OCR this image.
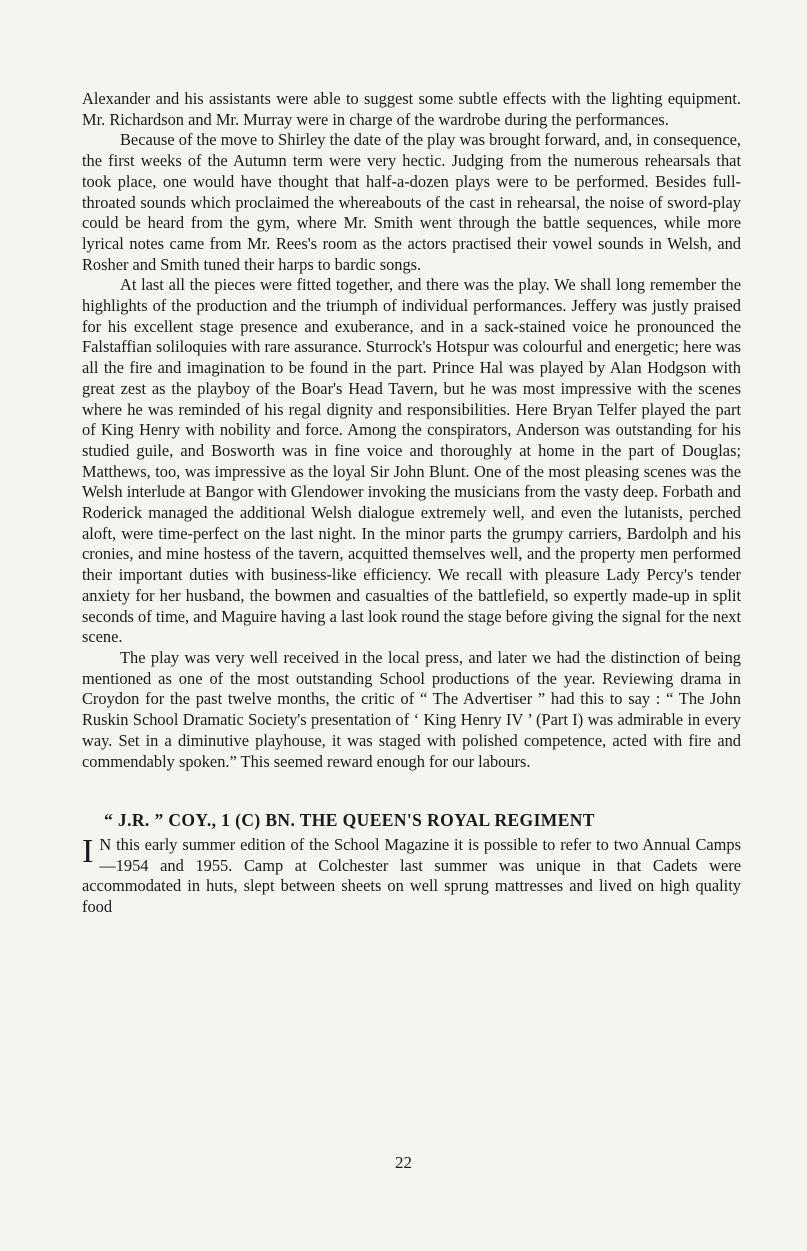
Alexander and his assistants were able to suggest some subtle effects with the lighting equipment. Mr. Richardson and Mr. Murray were in charge of the wardrobe during the performances.

Because of the move to Shirley the date of the play was brought forward, and, in consequence, the first weeks of the Autumn term were very hectic. Judging from the numerous rehearsals that took place, one would have thought that half-a-dozen plays were to be performed. Besides full-throated sounds which proclaimed the whereabouts of the cast in rehearsal, the noise of sword-play could be heard from the gym, where Mr. Smith went through the battle sequences, while more lyrical notes came from Mr. Rees's room as the actors practised their vowel sounds in Welsh, and Rosher and Smith tuned their harps to bardic songs.

At last all the pieces were fitted together, and there was the play. We shall long remember the highlights of the production and the triumph of individual performances. Jeffery was justly praised for his excellent stage presence and exuberance, and in a sack-stained voice he pronounced the Falstaffian soliloquies with rare assurance. Sturrock's Hotspur was colourful and energetic; here was all the fire and imagination to be found in the part. Prince Hal was played by Alan Hodgson with great zest as the playboy of the Boar's Head Tavern, but he was most impressive with the scenes where he was reminded of his regal dignity and responsibilities. Here Bryan Telfer played the part of King Henry with nobility and force. Among the conspirators, Anderson was outstanding for his studied guile, and Bosworth was in fine voice and thoroughly at home in the part of Douglas; Matthews, too, was impressive as the loyal Sir John Blunt. One of the most pleasing scenes was the Welsh interlude at Bangor with Glendower invoking the musicians from the vasty deep. Forbath and Roderick managed the additional Welsh dialogue extremely well, and even the lutanists, perched aloft, were time-perfect on the last night. In the minor parts the grumpy carriers, Bardolph and his cronies, and mine hostess of the tavern, acquitted themselves well, and the property men performed their important duties with business-like efficiency. We recall with pleasure Lady Percy's tender anxiety for her husband, the bowmen and casualties of the battlefield, so expertly made-up in split seconds of time, and Maguire having a last look round the stage before giving the signal for the next scene.

The play was very well received in the local press, and later we had the distinction of being mentioned as one of the most outstanding School productions of the year. Reviewing drama in Croydon for the past twelve months, the critic of “ The Advertiser ” had this to say : “ The John Ruskin School Dramatic Society's presentation of ‘ King Henry IV ’ (Part I) was admirable in every way. Set in a diminutive playhouse, it was staged with polished competence, acted with fire and commendably spoken.” This seemed reward enough for our labours.

“ J.R. ” COY., 1 (C) BN. THE QUEEN'S ROYAL REGIMENT

I N this early summer edition of the School Magazine it is possible to refer to two Annual Camps—1954 and 1955. Camp at Colchester last summer was unique in that Cadets were accommodated in huts, slept between sheets on well sprung mattresses and lived on high quality food

22
